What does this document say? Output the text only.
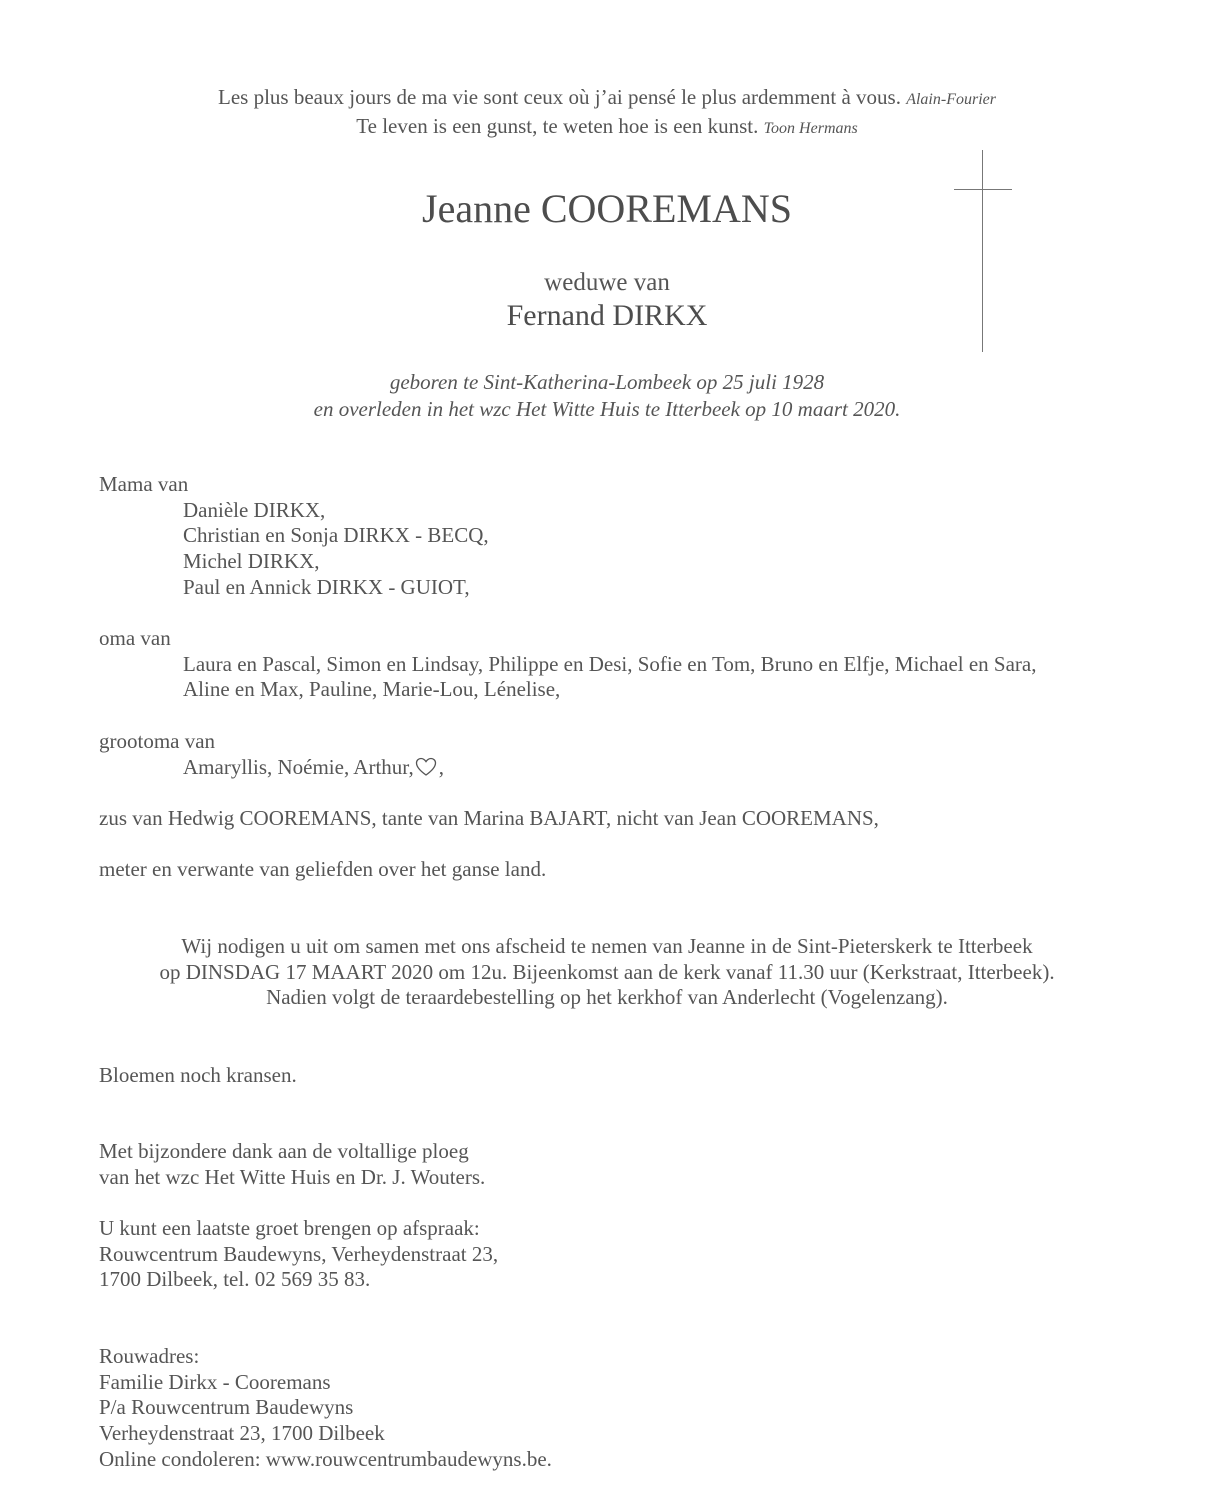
Les plus beaux jours de ma vie sont ceux où j’ai pensé le plus ardemment à vous. Alain-Fourier

Te leven is een gunst, te weten hoe is een kunst. Toon Hermans

Jeanne COOREMANS
weduwe van
Fernand DIRKX

geboren te Sint-Katherina-Lombeek op 25 juli 1928

en overleden in het wzc Het Witte Huis te Itterbeek op 10 maart 2020.

Mama van

Danièle DIRKX,

Christian en Sonja DIRKX - BECQ,

Michel DIRKX,

Paul en Annick DIRKX - GUIOT,

oma van

Laura en Pascal, Simon en Lindsay, Philippe en Desi, Sofie en Tom, Bruno en Elfje, Michael en Sara,

Aline en Max, Pauline, Marie-Lou, Lénelise,

grootoma van

Amaryllis, Noémie, Arthur, ,

zus van Hedwig COOREMANS, tante van Marina BAJART, nicht van Jean COOREMANS,
meter en verwante van geliefden over het ganse land.

Wij nodigen u uit om samen met ons afscheid te nemen van Jeanne in de Sint-Pieterskerk te Itterbeek

op DINSDAG 17 MAART 2020 om 12u. Bijeenkomst aan de kerk vanaf 11.30 uur (Kerkstraat, Itterbeek).

Nadien volgt de teraardebestelling op het kerkhof van Anderlecht (Vogelenzang).

Bloemen noch kransen.

Met bijzondere dank aan de voltallige ploeg

van het wzc Het Witte Huis en Dr. J. Wouters.

U kunt een laatste groet brengen op afspraak:

Rouwcentrum Baudewyns, Verheydenstraat 23,

1700 Dilbeek, tel. 02 569 35 83.

Rouwadres:

Familie Dirkx - Cooremans

P/a Rouwcentrum Baudewyns

Verheydenstraat 23, 1700 Dilbeek

Online condoleren: www.rouwcentrumbaudewyns.be.
